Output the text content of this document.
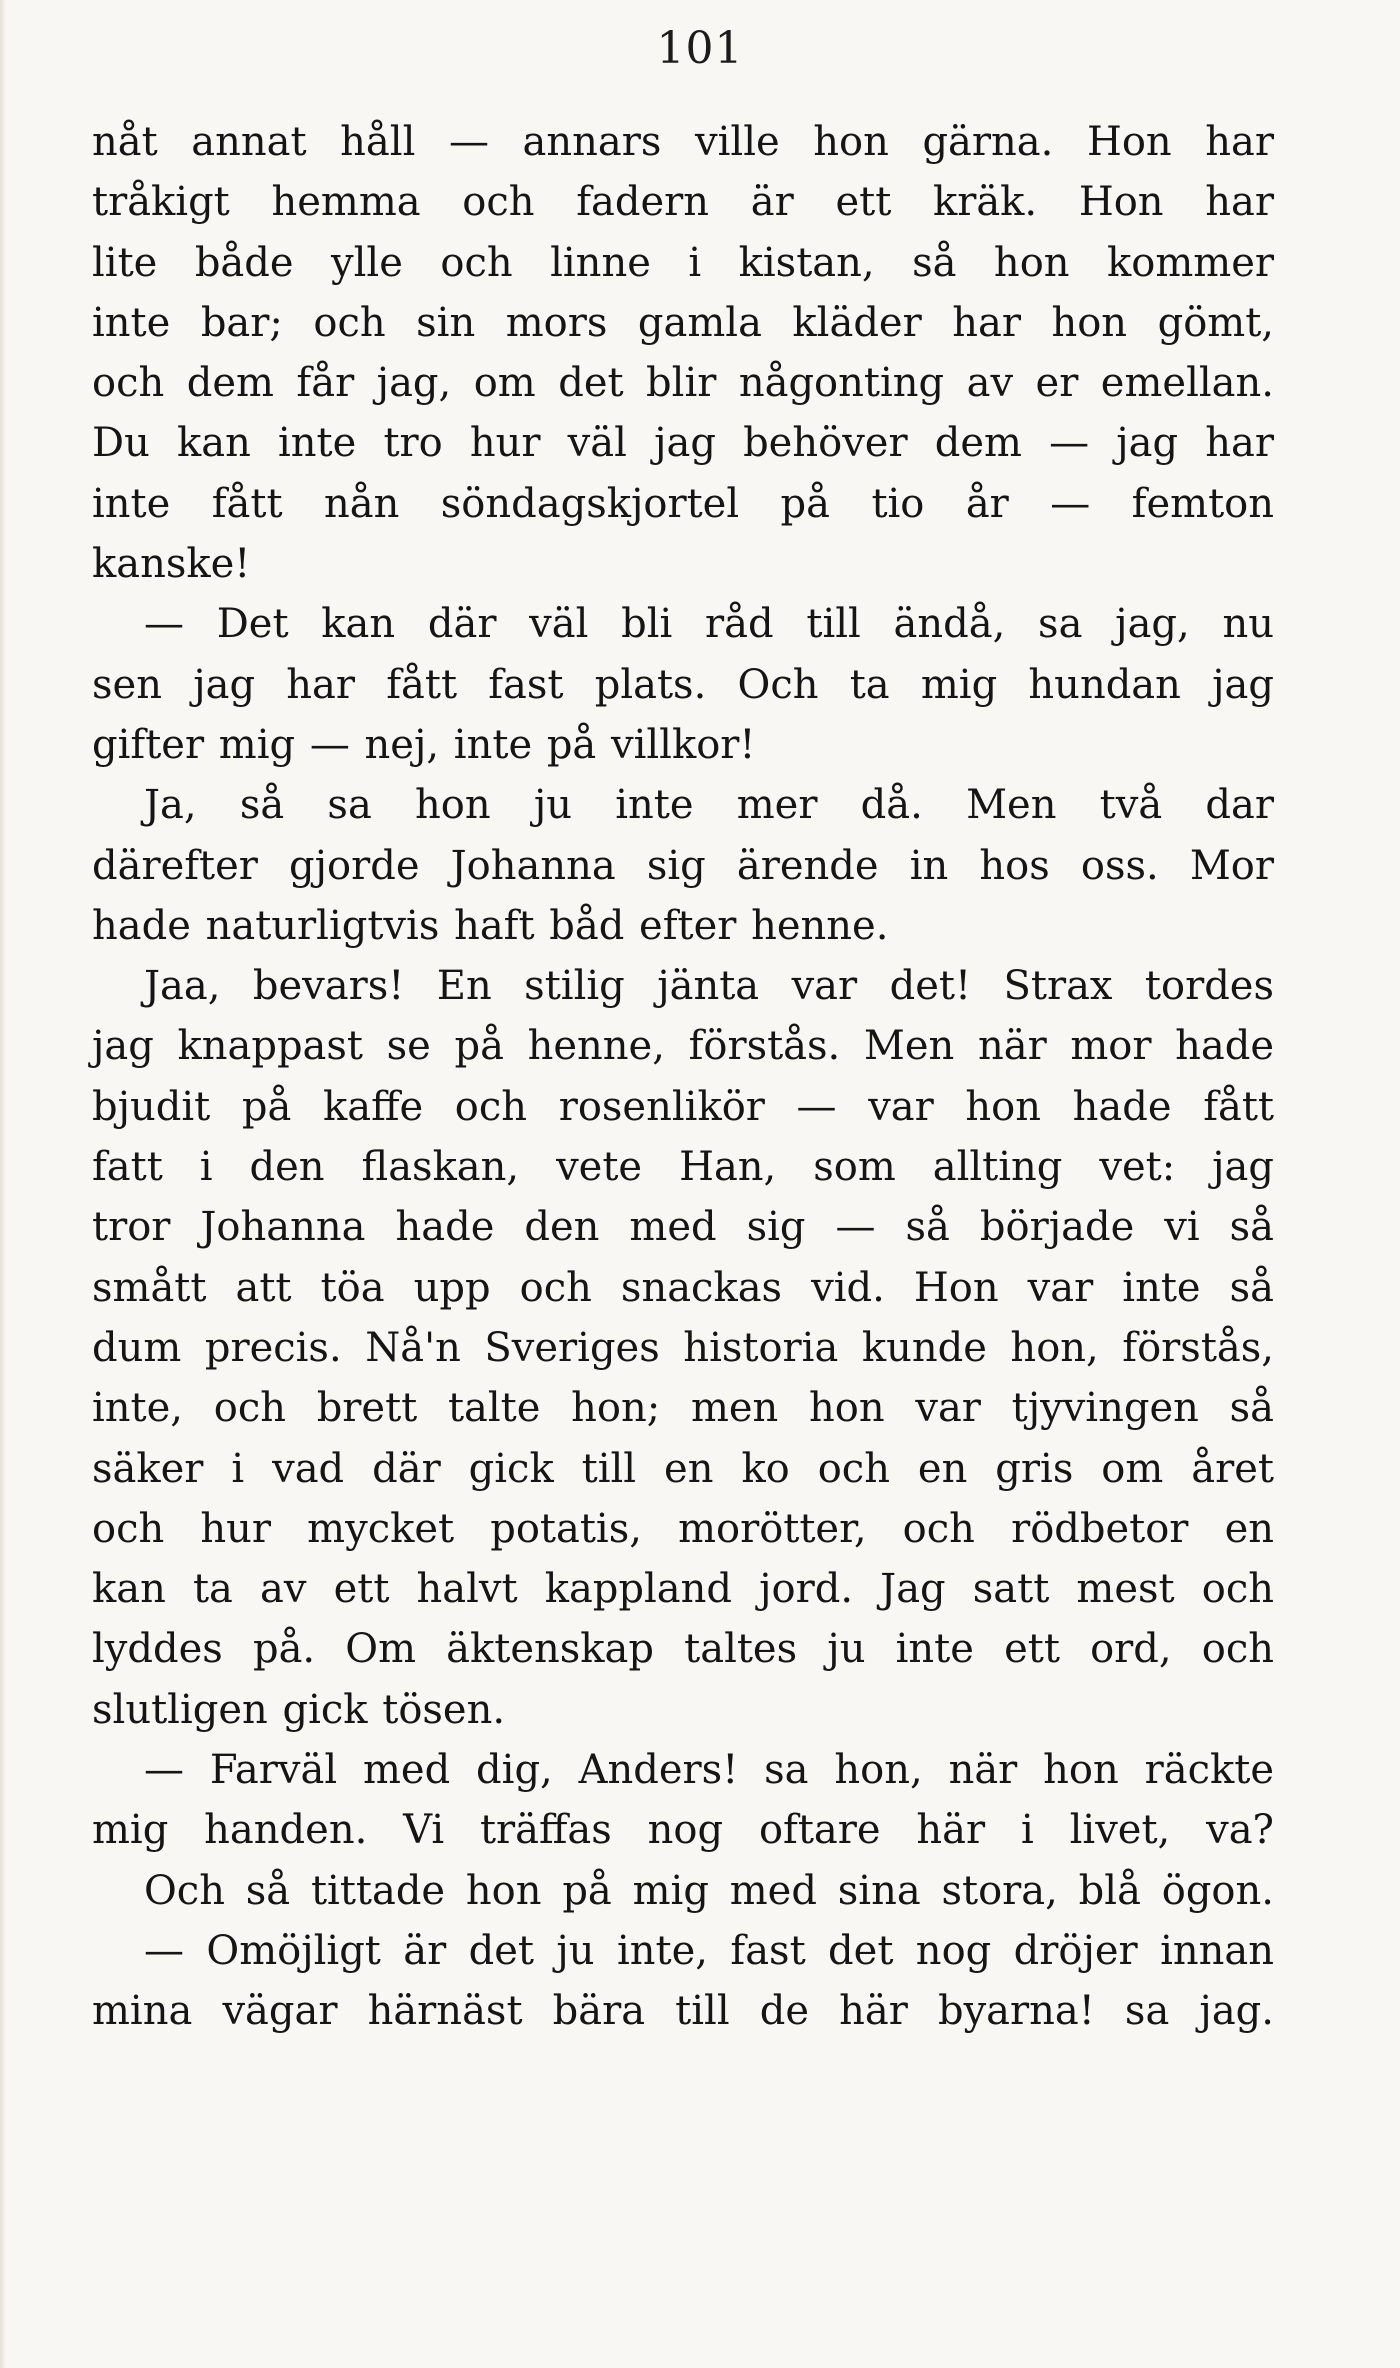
101
nåt annat håll — annars ville hon gärna. Hon har
tråkigt hemma och fadern är ett kräk. Hon har
lite både ylle och linne i kistan, så hon kommer
inte bar; och sin mors gamla kläder har hon gömt,
och dem får jag, om det blir någonting av er emellan.
Du kan inte tro hur väl jag behöver dem — jag har
inte fått nån söndagskjortel på tio år — femton
kanske!
— Det kan där väl bli råd till ändå, sa jag, nu
sen jag har fått fast plats. Och ta mig hundan jag
gifter mig — nej, inte på villkor!
Ja, så sa hon ju inte mer då. Men två dar
därefter gjorde Johanna sig ärende in hos oss. Mor
hade naturligtvis haft båd efter henne.
Jaa, bevars! En stilig jänta var det! Strax tordes
jag knappast se på henne, förstås. Men när mor hade
bjudit på kaffe och rosenlikör — var hon hade fått
fatt i den flaskan, vete Han, som allting vet: jag
tror Johanna hade den med sig — så började vi så
smått att töa upp och snackas vid. Hon var inte så
dum precis. Nå'n Sveriges historia kunde hon, förstås,
inte, och brett talte hon; men hon var tjyvingen så
säker i vad där gick till en ko och en gris om året
och hur mycket potatis, morötter, och rödbetor en
kan ta av ett halvt kappland jord. Jag satt mest och
lyddes på. Om äktenskap taltes ju inte ett ord, och
slutligen gick tösen.
— Farväl med dig, Anders! sa hon, när hon räckte
mig handen. Vi träffas nog oftare här i livet, va?
Och så tittade hon på mig med sina stora, blå ögon.
— Omöjligt är det ju inte, fast det nog dröjer innan
mina vägar härnäst bära till de här byarna! sa jag.
